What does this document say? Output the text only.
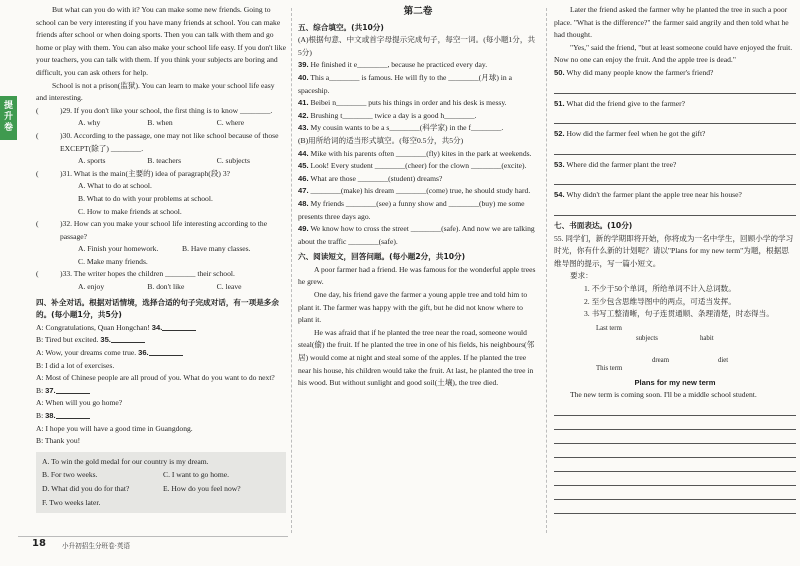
提升
卷

But what can you do with it? You can make some new friends. Going to school can be very interesting if you have many friends at school. You can make friends after school or when doing sports. Then you can talk with them and go home or play with them. You can also make your school life easy. If you don't like your teachers, you can talk with them. If you think your subjects are boring and difficult, you can ask others for help.

School is not a prison(监狱). You can learn to make your school life easy and interesting.

(	)29. If you don't like your school, the first thing is to know ________.

A. why	B. when	C. where

(	)30. According to the passage, one may not like school because of those EXCEPT(除了) ________.

A. sports	B. teachers	C. subjects

(	)31. What is the main(主要的) idea of paragraph(段) 3?

A. What to do at school.

B. What to do with your problems at school.

C. How to make friends at school.

(	)32. How can you make your school life interesting according to the passage?

A. Finish your homework.	B. Have many classes.

C. Make many friends.

(	)33. The writer hopes the children ________ their school.

A. enjoy	B. don't like	C. leave

四、补全对话。根据对话情境，选择合适的句子完成对话，有一项是多余的。(每小题1分，共5分)

A: Congratulations, Quan Hongchan! 34.

B: Tired but excited. 35.

A: Wow, your dreams come true. 36.

B: I did a lot of exercises.

A: Most of Chinese people are all proud of you. What do you want to do next?

B: 37.

A: When will you go home?

B: 38.

A: I hope you will have a good time in Guangdong.

B: Thank you!

A. To win the gold medal for our country is my dream.
B. For two weeks.	C. I want to go home.
D. What did you do for that?	E. How do you feel now?
F. Two weeks later.

第二卷

五、综合填空。(共10分)

(A)根据句意、中文或首字母提示完成句子，每空一词。(每小题1分，共5分)

39. He finished it e________, because he practiced every day.

40. This a________ is famous. He will fly to the ________(月球) in a spaceship.

41. Beibei n________ puts his things in order and his desk is messy.

42. Brushing t________ twice a day is a good h________.

43. My cousin wants to be a s________(科学家) in the f________.

(B)用所给词的适当形式填空。(每空0.5分，共5分)

44. Mike with his parents often ________(fly) kites in the park at weekends.

45. Look! Every student ________(cheer) for the clown ________(excite).

46. What are those ________(student) dreams?

47. ________(make) his dream ________(come) true, he should study hard.

48. My friends ________(see) a funny show and ________(buy) me some presents three days ago.

49. We know how to cross the street ________(safe). And now we are talking about the traffic ________(safe).

六、阅读短文，回答问题。(每小题2分，共10分)

A poor farmer had a friend. He was famous for the wonderful apple trees he grew.

One day, his friend gave the farmer a young apple tree and told him to plant it. The farmer was happy with the gift, but he did not know where to plant it.

He was afraid that if he planted the tree near the road, someone would steal(偷) the fruit. If he planted the tree in one of his fields, his neighbours(邻居) would come at night and steal some of the apples. If he planted the tree near his house, his children would take the fruit. At last, he planted the tree in his wood. But without sunlight and good soil(土壤), the tree died.

Later the friend asked the farmer why he planted the tree in such a poor place. "What is the difference?" the farmer said angrily and then told what he had thought.

"Yes," said the friend, "but at least someone could have enjoyed the fruit. Now no one can enjoy the fruit. And the apple tree is dead."

50. Why did many people know the farmer's friend?

51. What did the friend give to the farmer?

52. How did the farmer feel when he got the gift?

53. Where did the farmer plant the tree?

54. Why didn't the farmer plant the apple tree near his house?

七、书面表达。(10分)

55. 同学们，新的学期即将开始，你将成为一名中学生，回顾小学的学习时光，你有什么新的计划呢？请以"Plans for my new term"为题，根据思维导图的提示，写一篇小短文。

要求：

1. 不少于50个单词，所给单词不计入总词数。

2. 至少包含思维导图中的两点，可适当发挥。

3. 书写工整清晰，句子连贯通顺、条理清楚，时态得当。

Last term
subjects	habit
dream	diet
This term

Plans for my new term

The new term is coming soon. I'll be a middle school student.

18 小升初招生分班卷·英语
